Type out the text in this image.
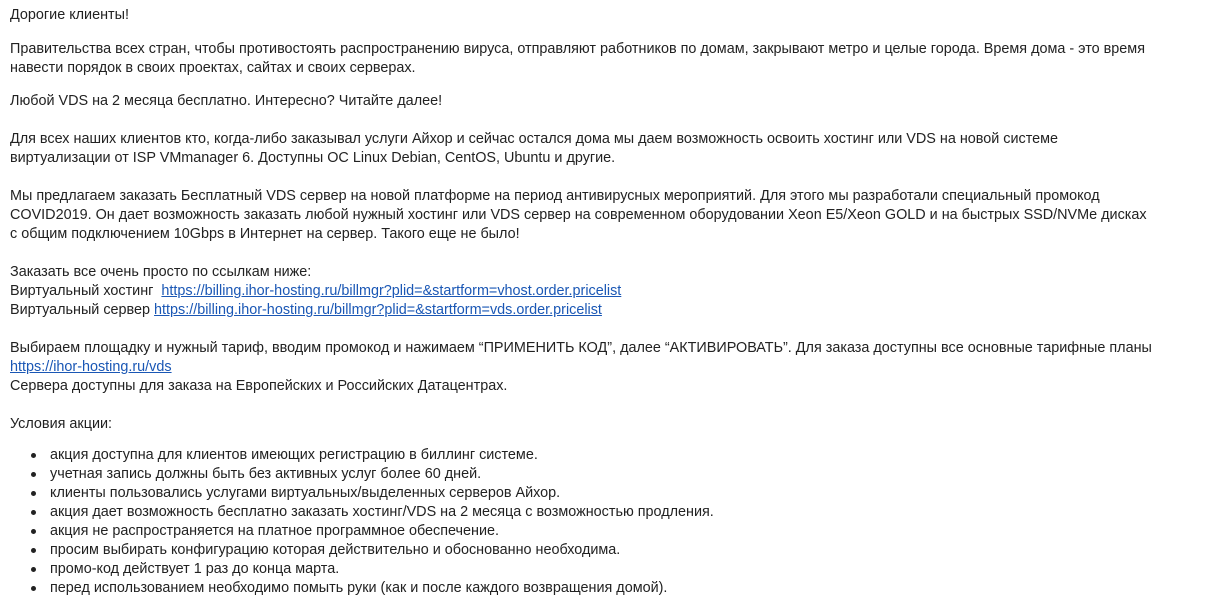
Дорогие клиенты!

Правительства всех стран, чтобы противостоять распространению вируса, отправляют работников по домам, закрывают метро и целые города. Время дома - это время
навести порядок в своих проектах, сайтах и своих серверах.

Любой VDS на 2 месяца бесплатно. Интересно? Читайте далее!

Для всех наших клиентов кто, когда-либо заказывал услуги Айхор и сейчас остался дома мы даем возможность освоить хостинг или VDS на новой системе
виртуализации от ISP VMmanager 6. Доступны ОС Linux Debian, CentOS, Ubuntu и другие.

Мы предлагаем заказать Бесплатный VDS сервер на новой платформе на период антивирусных мероприятий. Для этого мы разработали специальный промокод
COVID2019. Он дает возможность заказать любой нужный хостинг или VDS сервер на современном оборудовании Xeon E5/Xeon GOLD и на быстрых SSD/NVMe дисках
с общим подключением 10Gbps в Интернет на сервер. Такого еще не было!

Заказать все очень просто по ссылкам ниже:
Виртуальный хостинг https://billing.ihor-hosting.ru/billmgr?plid=&startform=vhost.order.pricelist
Виртуальный сервер https://billing.ihor-hosting.ru/billmgr?plid=&startform=vds.order.pricelist

Выбираем площадку и нужный тариф, вводим промокод и нажимаем “ПРИМЕНИТЬ КОД”, далее “АКТИВИРОВАТЬ”. Для заказа доступны все основные тарифные планы
https://ihor-hosting.ru/vds
Сервера доступны для заказа на Европейских и Российских Датацентрах.

Условия акции:

акция доступна для клиентов имеющих регистрацию в биллинг системе.
учетная запись должны быть без активных услуг более 60 дней.
клиенты пользовались услугами виртуальных/выделенных серверов Айхор.
акция дает возможность бесплатно заказать хостинг/VDS на 2 месяца с возможностью продления.
акция не распространяется на платное программное обеспечение.
просим выбирать конфигурацию которая действительно и обоснованно необходима.
промо-код действует 1 раз до конца марта.
перед использованием необходимо помыть руки (как и после каждого возвращения домой).
